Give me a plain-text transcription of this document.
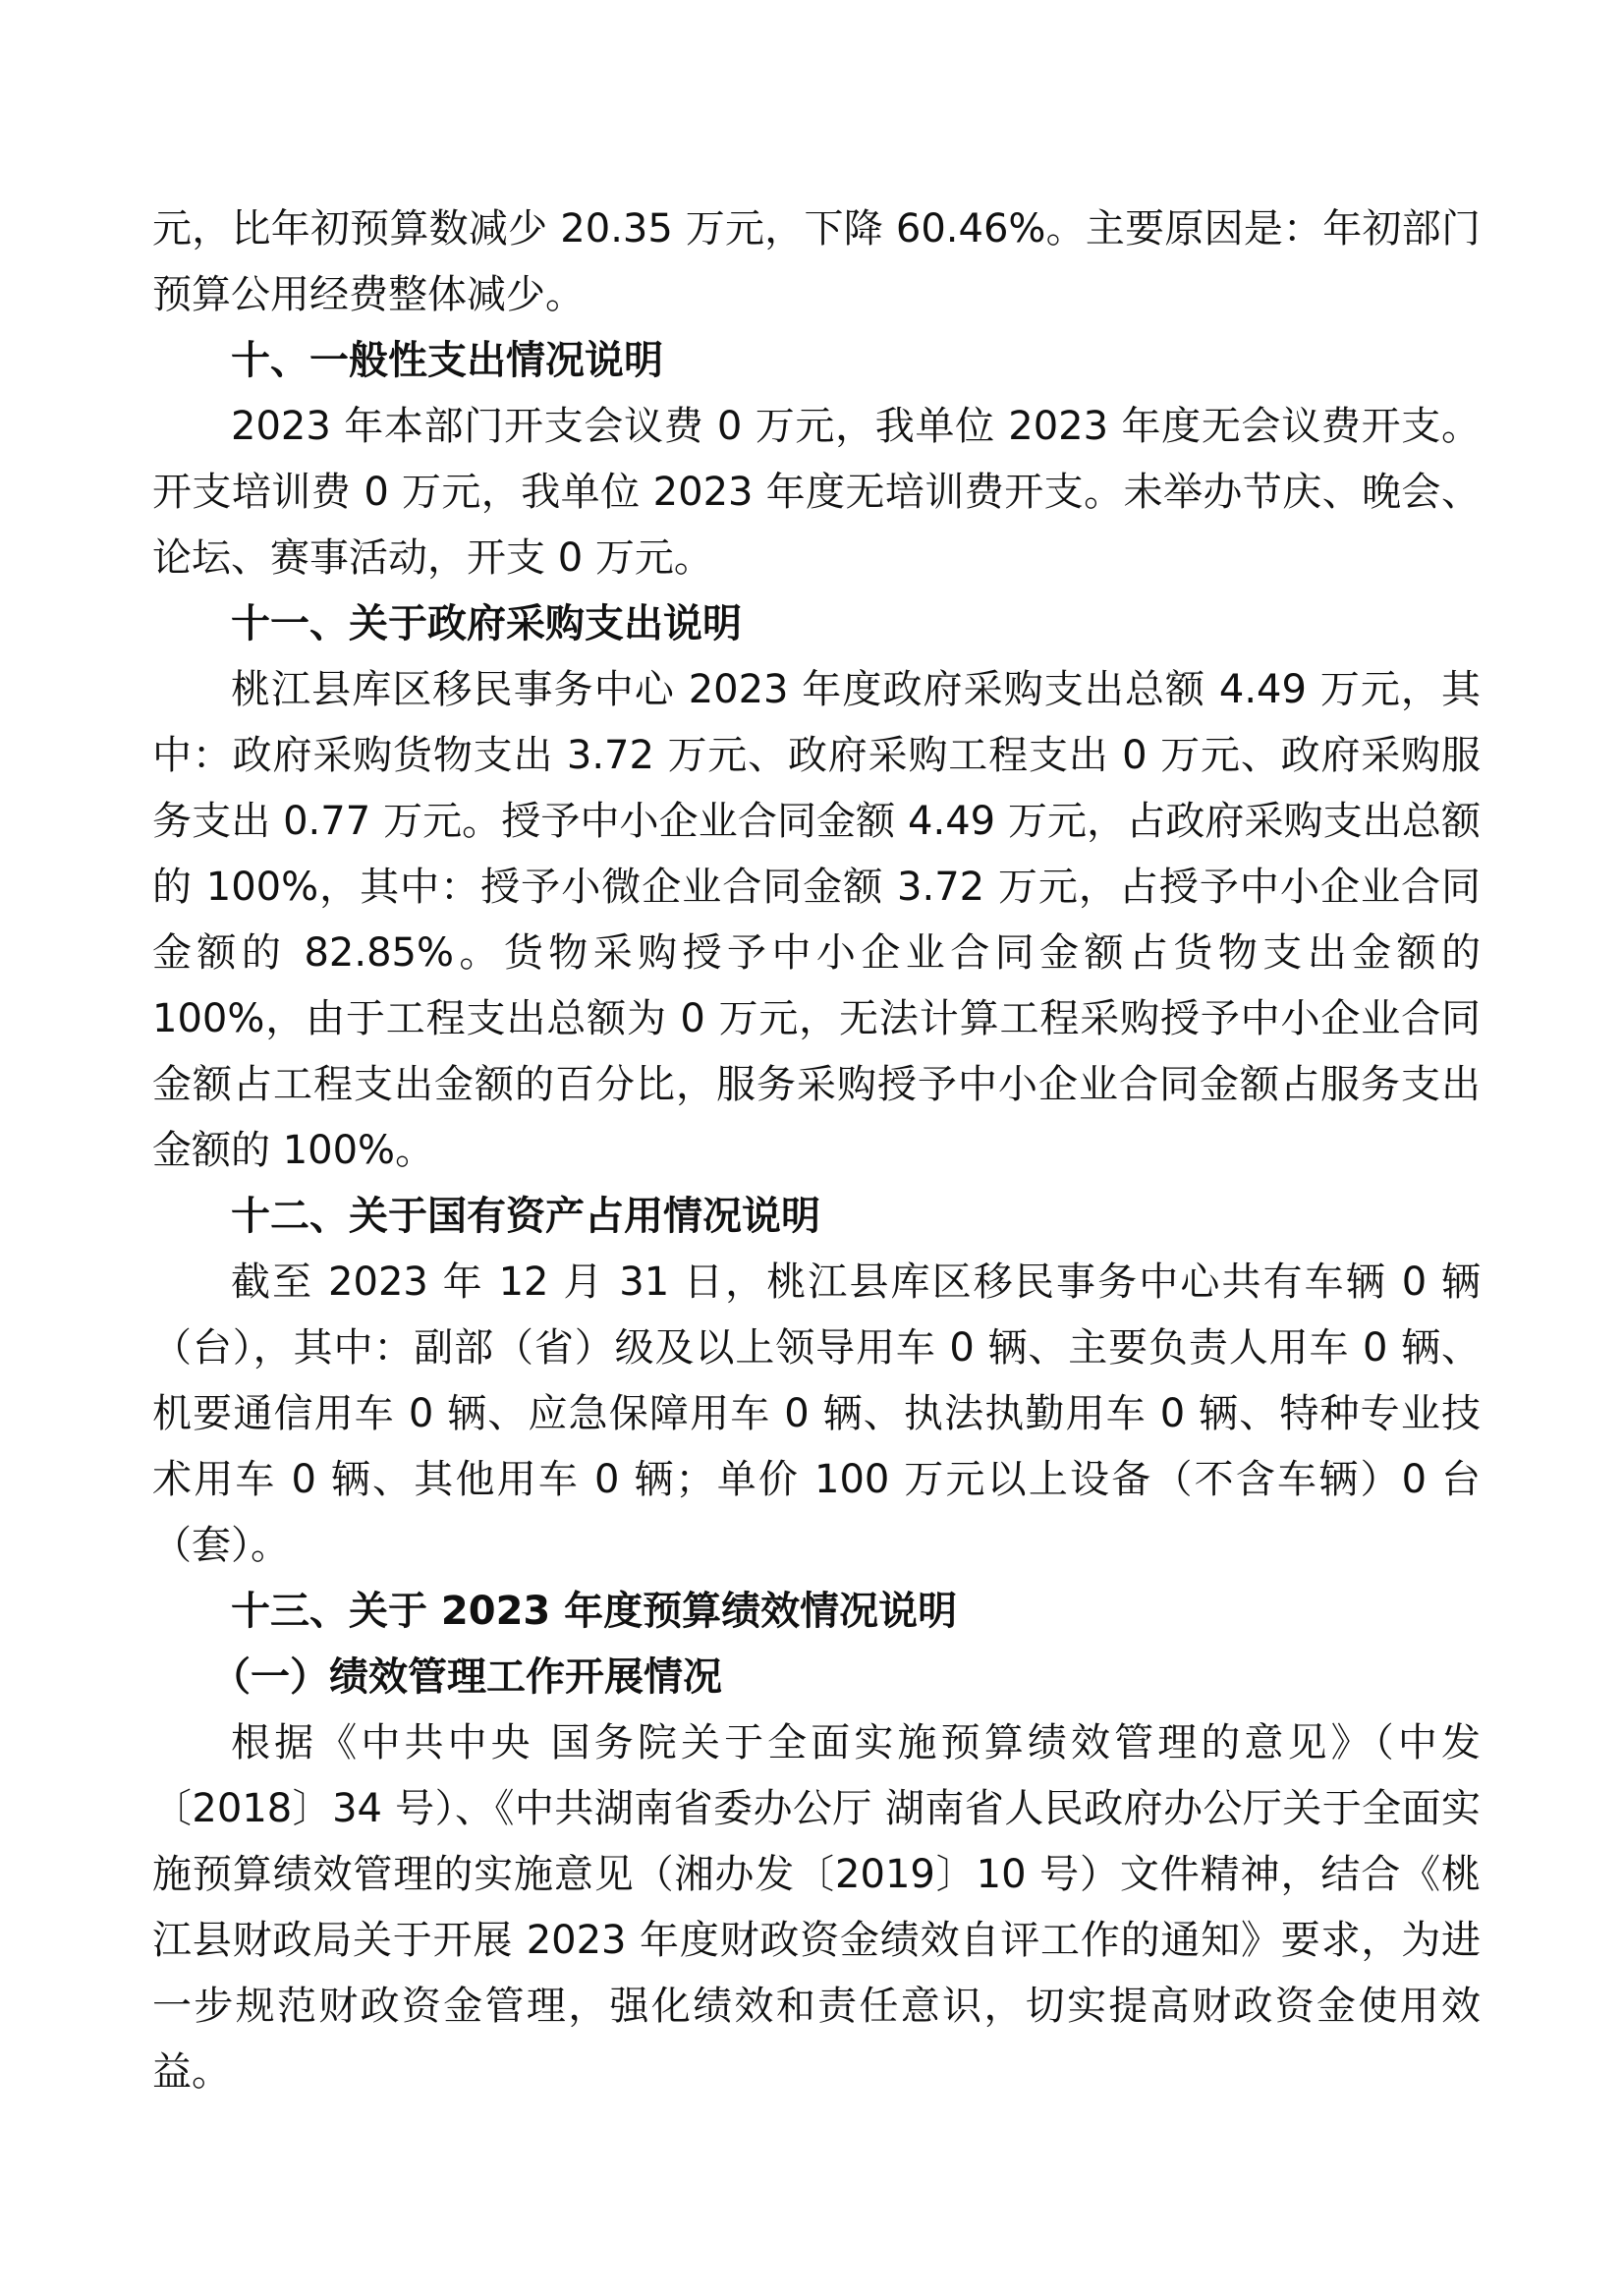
元，比年初预算数减少 20.35 万元，下降 60.46%。主要原因是：年初部门预算公用经费整体减少。

十、一般性支出情况说明

2023 年本部门开支会议费 0 万元，我单位 2023 年度无会议费开支。开支培训费 0 万元，我单位 2023 年度无培训费开支。未举办节庆、晚会、论坛、赛事活动，开支 0 万元。

十一、关于政府采购支出说明

桃江县库区移民事务中心 2023 年度政府采购支出总额 4.49 万元，其中：政府采购货物支出 3.72 万元、政府采购工程支出 0 万元、政府采购服务支出 0.77 万元。授予中小企业合同金额 4.49 万元，占政府采购支出总额的 100%，其中：授予小微企业合同金额 3.72 万元，占授予中小企业合同金额的 82.85%。货物采购授予中小企业合同金额占货物支出金额的 100%，由于工程支出总额为 0 万元，无法计算工程采购授予中小企业合同金额占工程支出金额的百分比，服务采购授予中小企业合同金额占服务支出金额的 100%。

十二、关于国有资产占用情况说明

截至 2023 年 12 月 31 日，桃江县库区移民事务中心共有车辆 0 辆（台），其中：副部（省）级及以上领导用车 0 辆、主要负责人用车 0 辆、机要通信用车 0 辆、应急保障用车 0 辆、执法执勤用车 0 辆、特种专业技术用车 0 辆、其他用车 0 辆；单价 100 万元以上设备（不含车辆）0 台（套）。

十三、关于 2023 年度预算绩效情况说明

（一）绩效管理工作开展情况

根据《中共中央 国务院关于全面实施预算绩效管理的意见》（中发〔2018〕34 号）、《中共湖南省委办公厅 湖南省人民政府办公厅关于全面实施预算绩效管理的实施意见（湘办发〔2019〕10 号）文件精神，结合《桃江县财政局关于开展 2023 年度财政资金绩效自评工作的通知》要求，为进一步规范财政资金管理，强化绩效和责任意识，切实提高财政资金使用效益。
